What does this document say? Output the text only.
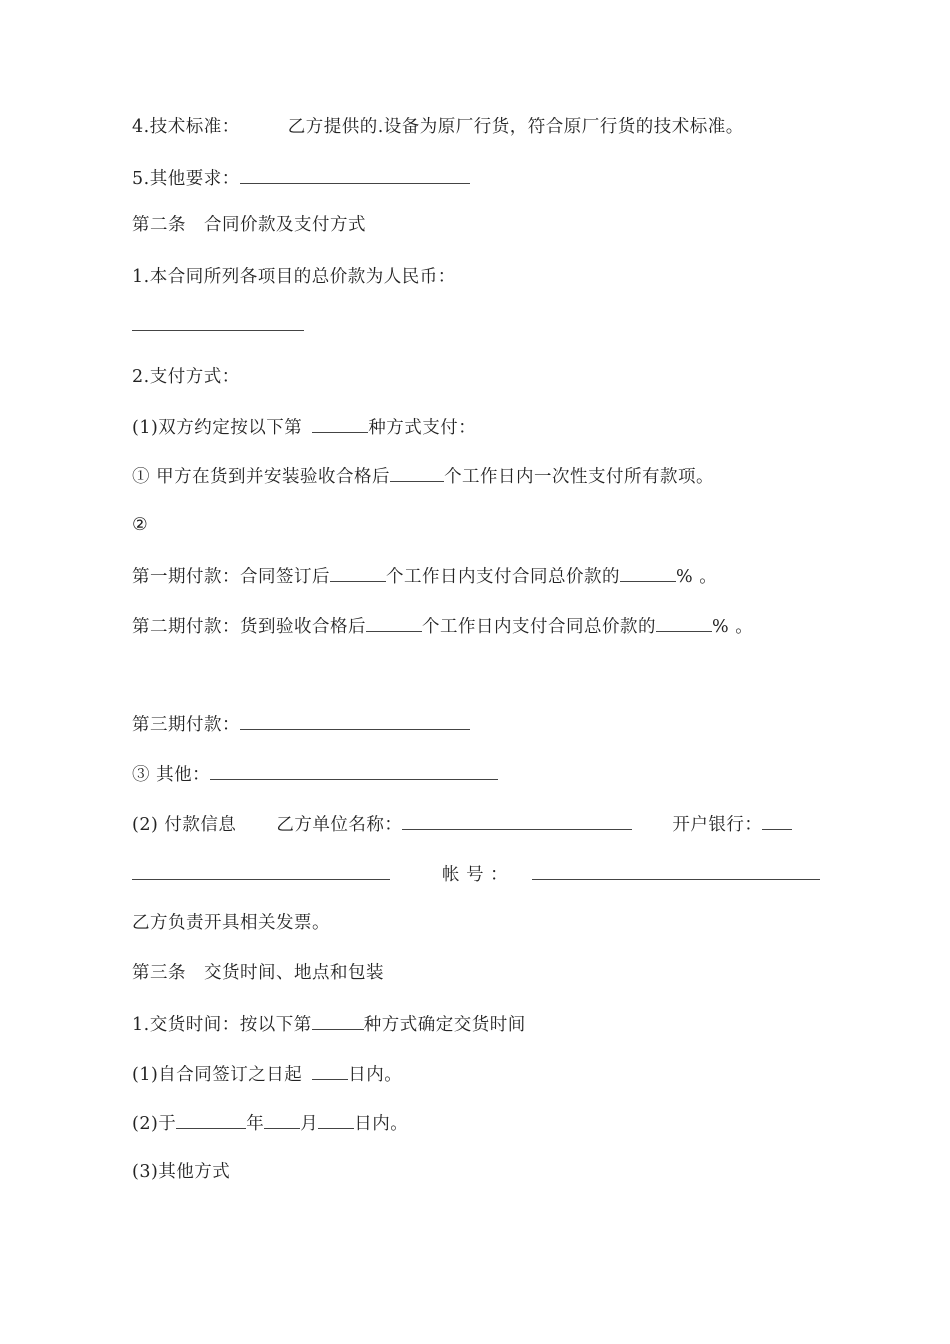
4.技术标准：	乙方提供的.设备为原厂行货，符合原厂行货的技术标准。
5.其他要求：
第二条　合同价款及支付方式
1.本合同所列各项目的总价款为人民币：
2.支付方式：
(1)双方约定按以下第	种方式支付：
① 甲方在货到并安装验收合格后	个工作日内一次性支付所有款项。
②
第一期付款：合同签订后	个工作日内支付合同总价款的	% 。
第二期付款：货到验收合格后	个工作日内支付合同总价款的	% 。
第三期付款：
③ 其他：
(2) 付款信息 乙方单位名称：	开户银行：
帐 号 ：
乙方负责开具相关发票。
第三条　交货时间、地点和包装
1.交货时间：按以下第	种方式确定交货时间
(1)自合同签订之日起	日内。
(2)于	年 月 日内。
(3)其他方式
